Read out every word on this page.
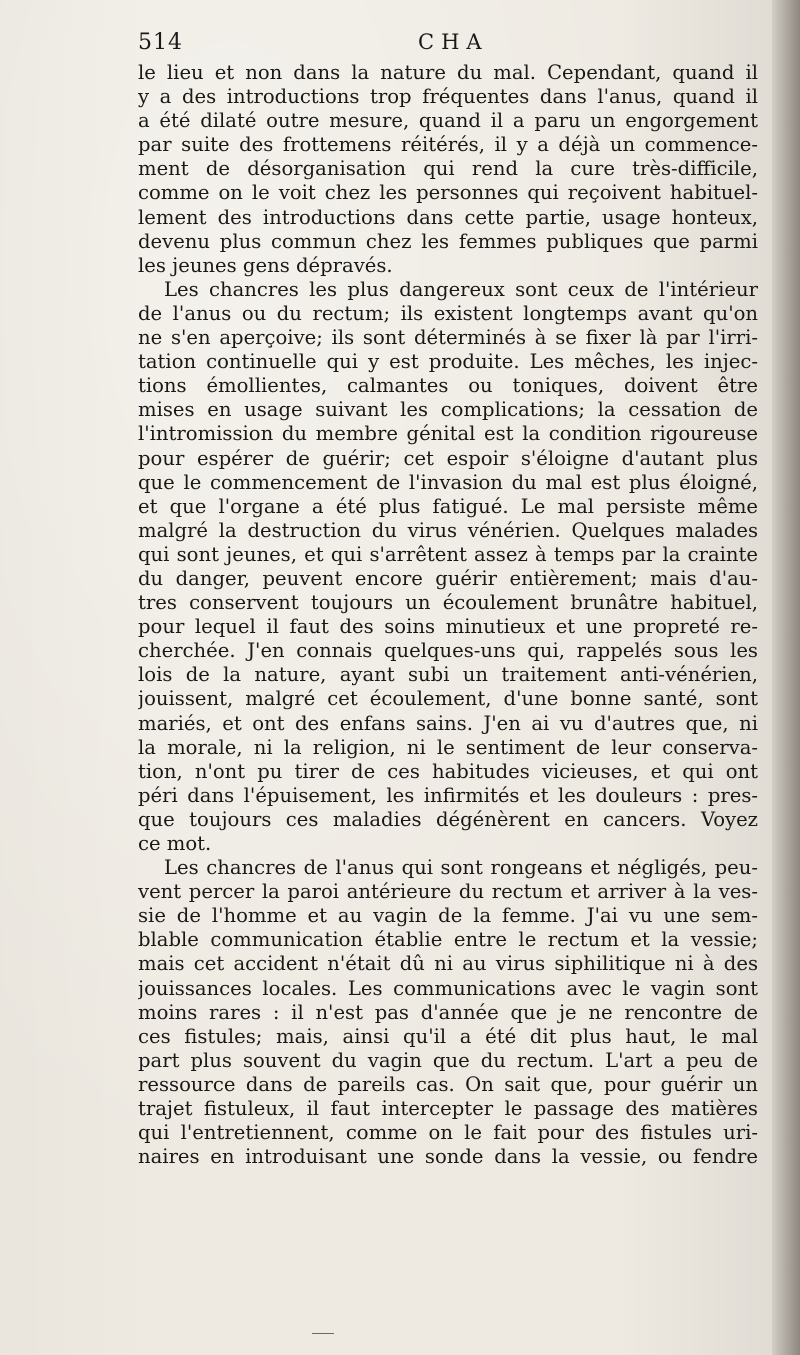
514	CHA
le lieu et non dans la nature du mal. Cependant, quand il
y a des introductions trop fréquentes dans l'anus, quand il
a été dilaté outre mesure, quand il a paru un engorgement
par suite des frottemens réitérés, il y a déjà un commence-
ment de désorganisation qui rend la cure très-difficile,
comme on le voit chez les personnes qui reçoivent habituel-
lement des introductions dans cette partie, usage honteux,
devenu plus commun chez les femmes publiques que parmi
les jeunes gens dépravés.
Les chancres les plus dangereux sont ceux de l'intérieur
de l'anus ou du rectum; ils existent longtemps avant qu'on
ne s'en aperçoive; ils sont déterminés à se fixer là par l'irri-
tation continuelle qui y est produite. Les mêches, les injec-
tions émollientes, calmantes ou toniques, doivent être
mises en usage suivant les complications; la cessation de
l'intromission du membre génital est la condition rigoureuse
pour espérer de guérir; cet espoir s'éloigne d'autant plus
que le commencement de l'invasion du mal est plus éloigné,
et que l'organe a été plus fatigué. Le mal persiste même
malgré la destruction du virus vénérien. Quelques malades
qui sont jeunes, et qui s'arrêtent assez à temps par la crainte
du danger, peuvent encore guérir entièrement; mais d'au-
tres conservent toujours un écoulement brunâtre habituel,
pour lequel il faut des soins minutieux et une propreté re-
cherchée. J'en connais quelques-uns qui, rappelés sous les
lois de la nature, ayant subi un traitement anti-vénérien,
jouissent, malgré cet écoulement, d'une bonne santé, sont
mariés, et ont des enfans sains. J'en ai vu d'autres que, ni
la morale, ni la religion, ni le sentiment de leur conserva-
tion, n'ont pu tirer de ces habitudes vicieuses, et qui ont
péri dans l'épuisement, les infirmités et les douleurs : pres-
que toujours ces maladies dégénèrent en cancers. Voyez
ce mot.
Les chancres de l'anus qui sont rongeans et négligés, peu-
vent percer la paroi antérieure du rectum et arriver à la ves-
sie de l'homme et au vagin de la femme. J'ai vu une sem-
blable communication établie entre le rectum et la vessie;
mais cet accident n'était dû ni au virus siphilitique ni à des
jouissances locales. Les communications avec le vagin sont
moins rares : il n'est pas d'année que je ne rencontre de
ces fistules; mais, ainsi qu'il a été dit plus haut, le mal
part plus souvent du vagin que du rectum. L'art a peu de
ressource dans de pareils cas. On sait que, pour guérir un
trajet fistuleux, il faut intercepter le passage des matières
qui l'entretiennent, comme on le fait pour des fistules uri-
naires en introduisant une sonde dans la vessie, ou fendre
